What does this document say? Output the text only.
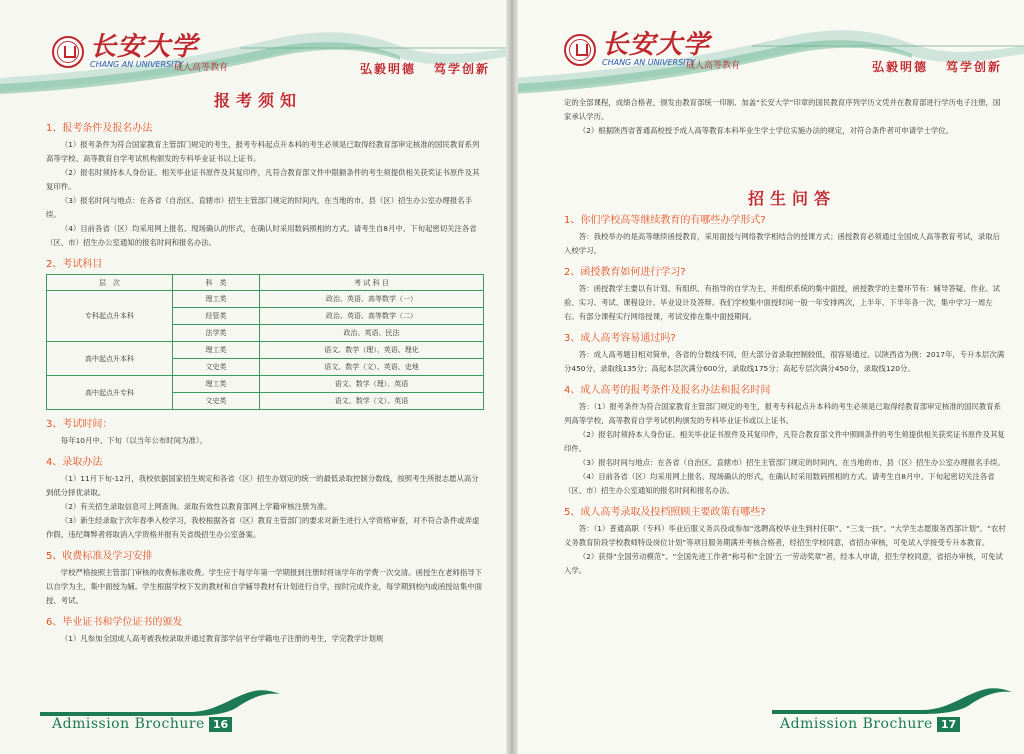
长安大学
CHANG AN UNIVERSITY
成人高等教育	弘毅明德 笃学创新
报考须知
1、报考条件及报名办法
（1）报考条件为符合国家教育主管部门规定的考生，报考专科起点升本科的考生必须是已取得经教育部审定核准的国民教育系列高等学校、高等教育自学考试机构颁发的专科毕业证书以上证书。
（2）报名时须持本人身份证、相关毕业证书原件及其复印件，凡符合教育部文件中限额条件的考生须提供相关获奖证书原件及其复印件。
（3）报名时间与地点：在各省（自治区、直辖市）招生主管部门规定的时间内，在当地的市、县（区）招生办公室办理报名手续。
（4）目前各省（区）均采用网上报名、现场确认的形式，在确认时采用数码照相的方式。请考生自8月中、下旬起密切关注各省（区、市）招生办公室通知的报名时间和报名办法。
2、考试科目
层　次	科　类	考 试 科 目
专科起点升本科	理工类	政治、英语、高等数学（一）
	经管类	政治、英语、高等数学（二）
	法学类	政治、英语、民法
高中起点升本科	理工类	语文、数学（理）、英语、理化
	文史类	语文、数学（文）、英语、史地
高中起点升专科	理工类	语文、数学（理）、英语
	文史类	语文、数学（文）、英语
3、考试时间：
每年10月中、下旬（以当年公布时间为准）。
4、录取办法
（1）11月下旬-12月，我校依据国家招生规定和各省（区）招生办划定的统一的最低录取控制分数线，按照考生所报志愿从高分到低分择优录取。
（2）有关招生录取信息可上网查询。录取有效性以教育部网上学籍审核注册为准。
（3）新生经录取于次年春季入校学习，我校根据各省（区）教育主管部门的要求对新生进行入学资格审查，对不符合条件或弄虚作假、违纪舞弊者将取消入学资格并报有关省级招生办公室备案。
5、收费标准及学习安排
学校严格按照主管部门审核的收费标准收费。学生应于每学年第一学期报到注册时将该学年的学费一次交清。函授生在老师指导下以自学为主，集中面授为辅。学生根据学校下发的教材和自学辅导教材有计划进行自学，按时完成作业，每学期到校内或函授站集中面授、考试。
6、毕业证书和学位证书的颁发
（1）凡参加全国成人高考被我校录取并通过教育部学信平台学籍电子注册的考生，学完教学计划规
Admission Brochure 16
长安大学
CHANG AN UNIVERSITY
成人高等教育	弘毅明德 笃学创新
定的全部课程，成绩合格者，颁发由教育部统一印制、加盖“长安大学”印章的国民教育序列学历文凭并在教育部进行学历电子注册，国家承认学历。
（2）根据陕西省普通高校授予成人高等教育本科毕业生学士学位实施办法的规定，对符合条件者可申请学士学位。
招生问答
1、你们学校高等继续教育的有哪些办学形式?
答：我校举办的是高等继续函授教育，采用面授与网络教学相结合的授课方式；函授教育必须通过全国成人高等教育考试，录取后入校学习。
2、函授教育如何进行学习?
答：函授教学主要以有计划、有组织、有指导的自学为主，并组织系统的集中面授，函授教学的主要环节有：辅导答疑、作业、试验、实习、考试、课程设计、毕业设计及答辩。我们学校集中面授时间一般一年安排两次，上半年、下半年各一次，集中学习一周左右。有部分课程实行网络授课，考试安排在集中面授期间。
3、成人高考容易通过吗?
答：成人高考题目相对简单，各省的分数线不同，但大部分省录取控制较低，很容易通过。以陕西省为例：2017年，专升本层次满分450分，录取线135分；高起本层次满分600分，录取线175分；高起专层次满分450分，录取线120分。
4、成人高考的报考条件及报名办法和报名时间
答：（1）报考条件为符合国家教育主管部门规定的考生，报考专科起点升本科的考生必须是已取得经教育部审定核准的国民教育系列高等学校、高等教育自学考试机构颁发的专科毕业证书或以上证书。
（2）报名时须持本人身份证、相关毕业证书原件及其复印件，凡符合教育部文件中照顾条件的考生须提供相关获奖证书原件及其复印件。
（3）报名时间与地点：在各省（自治区、直辖市）招生主管部门规定的时间内，在当地的市、县（区）招生办公室办理报名手续。
（4）目前各省（区）均采用网上报名、现场确认的形式，在确认时采用数码照相的方式。请考生自8月中、下旬起密切关注各省（区、市）招生办公室通知的报名时间和报名办法。
5、成人高考录取及投档照顾主要政策有哪些?
答：（1）普通高职（专科）毕业后服义务兵役或参加“选聘高校毕业生到村任职”、“三支一扶”、“大学生志愿服务西部计划”、“农村义务教育阶段学校教师特设岗位计划”等项目服务期满并考核合格者，经招生学校同意，省招办审核，可免试入学接受专升本教育。
（2）获得“全国劳动模范”、“全国先进工作者”称号和“全国‘五一’劳动奖章”者，经本人申请，招生学校同意，省招办审核，可免试入学。
Admission Brochure 17
